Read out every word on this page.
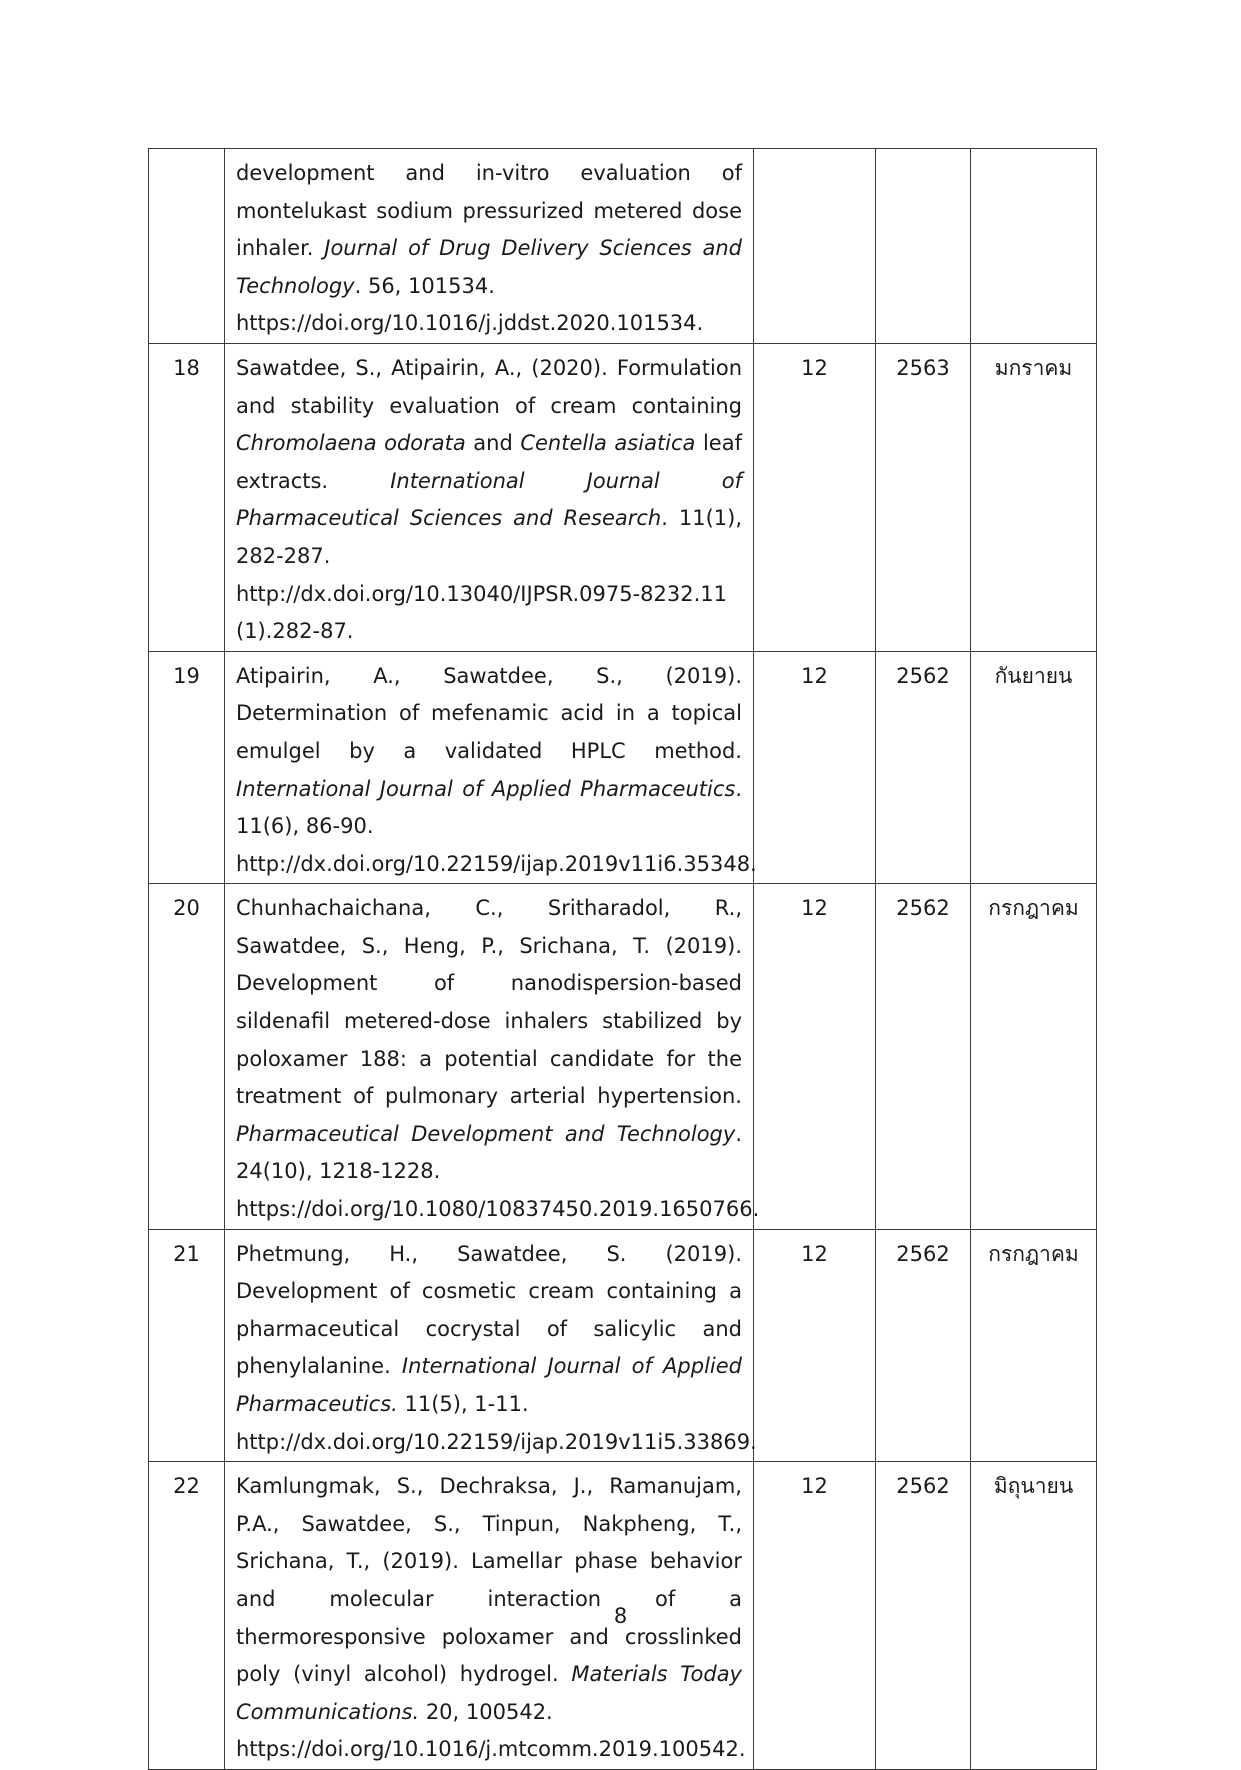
	development and in-vitro evaluation of montelukast sodium pressurized metered dose inhaler. Journal of Drug Delivery Sciences and Technology. 56, 101534.
https://doi.org/10.1016/j.jddst.2020.101534.			

18	Sawatdee, S., Atipairin, A., (2020). Formulation and stability evaluation of cream containing Chromolaena odorata and Centella asiatica leaf extracts. International Journal of Pharmaceutical Sciences and Research. 11(1), 282-287.
http://dx.doi.org/10.13040/IJPSR.0975-8232.11(1).282-87.	12	2563	มกราคม
19	Atipairin, A., Sawatdee, S., (2019). Determination of mefenamic acid in a topical emulgel by a validated HPLC method. International Journal of Applied Pharmaceutics. 11(6), 86-90.
http://dx.doi.org/10.22159/ijap.2019v11i6.35348.	12	2562	กันยายน
20	Chunhachaichana, C., Sritharadol, R., Sawatdee, S., Heng, P., Srichana, T. (2019). Development of nanodispersion-based sildenafil metered-dose inhalers stabilized by poloxamer 188: a potential candidate for the treatment of pulmonary arterial hypertension. Pharmaceutical Development and Technology. 24(10), 1218-1228.
https://doi.org/10.1080/10837450.2019.1650766.	12	2562	กรกฎาคม
21	Phetmung, H., Sawatdee, S. (2019). Development of cosmetic cream containing a pharmaceutical cocrystal of salicylic and phenylalanine. International Journal of Applied Pharmaceutics. 11(5), 1-11.
http://dx.doi.org/10.22159/ijap.2019v11i5.33869.	12	2562	กรกฎาคม
22	Kamlungmak, S., Dechraksa, J., Ramanujam, P.A., Sawatdee, S., Tinpun, Nakpheng, T., Srichana, T., (2019). Lamellar phase behavior and molecular interaction of a thermoresponsive poloxamer and crosslinked poly (vinyl alcohol) hydrogel. Materials Today Communications. 20, 100542.
https://doi.org/10.1016/j.mtcomm.2019.100542.	12	2562	มิถุนายน
8
